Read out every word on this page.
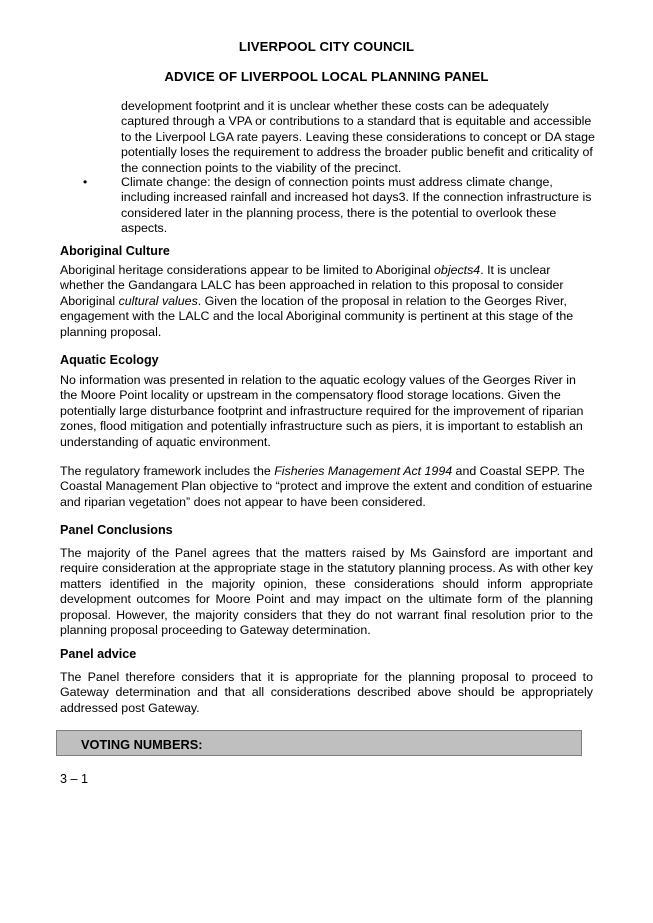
LIVERPOOL CITY COUNCIL
ADVICE OF LIVERPOOL LOCAL PLANNING PANEL

development footprint and it is unclear whether these costs can be adequately captured through a VPA or contributions to a standard that is equitable and accessible to the Liverpool LGA rate payers. Leaving these considerations to concept or DA stage potentially loses the requirement to address the broader public benefit and criticality of the connection points to the viability of the precinct.

•	Climate change: the design of connection points must address climate change, including increased rainfall and increased hot days3. If the connection infrastructure is considered later in the planning process, there is the potential to overlook these aspects.

Aboriginal Culture

Aboriginal heritage considerations appear to be limited to Aboriginal objects4. It is unclear whether the Gandangara LALC has been approached in relation to this proposal to consider Aboriginal cultural values. Given the location of the proposal in relation to the Georges River, engagement with the LALC and the local Aboriginal community is pertinent at this stage of the planning proposal.

Aquatic Ecology

No information was presented in relation to the aquatic ecology values of the Georges River in the Moore Point locality or upstream in the compensatory flood storage locations. Given the potentially large disturbance footprint and infrastructure required for the improvement of riparian zones, flood mitigation and potentially infrastructure such as piers, it is important to establish an understanding of aquatic environment.

The regulatory framework includes the Fisheries Management Act 1994 and Coastal SEPP. The Coastal Management Plan objective to “protect and improve the extent and condition of estuarine and riparian vegetation” does not appear to have been considered.

Panel Conclusions

The majority of the Panel agrees that the matters raised by Ms Gainsford are important and require consideration at the appropriate stage in the statutory planning process. As with other key matters identified in the majority opinion, these considerations should inform appropriate development outcomes for Moore Point and may impact on the ultimate form of the planning proposal. However, the majority considers that they do not warrant final resolution prior to the planning proposal proceeding to Gateway determination.

Panel advice

The Panel therefore considers that it is appropriate for the planning proposal to proceed to Gateway determination and that all considerations described above should be appropriately addressed post Gateway.

VOTING NUMBERS:
3 – 1
